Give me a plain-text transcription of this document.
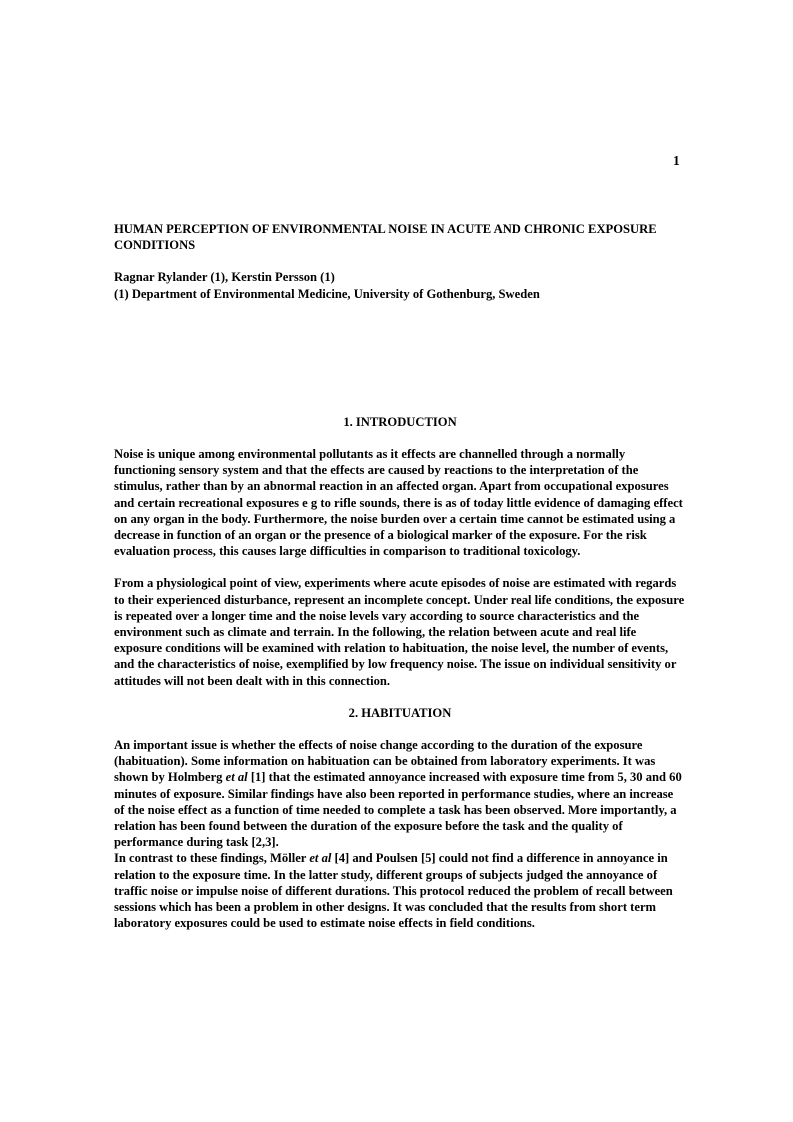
1
HUMAN PERCEPTION OF ENVIRONMENTAL NOISE IN ACUTE AND CHRONIC EXPOSURE CONDITIONS
Ragnar Rylander (1), Kerstin Persson (1)
(1) Department of Environmental Medicine, University of Gothenburg, Sweden
1. INTRODUCTION

Noise is unique among environmental pollutants as it effects are channelled through a normally functioning sensory system and that the effects are caused by reactions to the interpretation of the stimulus, rather than by an abnormal reaction in an affected organ. Apart from occupational exposures and certain recreational exposures e g to rifle sounds, there is as of today little evidence of damaging effect on any organ in the body. Furthermore, the noise burden over a certain time cannot be estimated using a decrease in function of an organ or the presence of a biological marker of the exposure. For the risk evaluation process, this causes large difficulties in comparison to traditional toxicology.

From a physiological point of view, experiments where acute episodes of noise are estimated with regards to their experienced disturbance, represent an incomplete concept. Under real life conditions, the exposure is repeated over a longer time and the noise levels vary according to source characteristics and the environment such as climate and terrain. In the following, the relation between acute and real life exposure conditions will be examined with relation to habituation, the noise level, the number of events, and the characteristics of noise, exemplified by low frequency noise. The issue on individual sensitivity or attitudes will not been dealt with in this connection.

2. HABITUATION

An important issue is whether the effects of noise change according to the duration of the exposure (habituation). Some information on habituation can be obtained from laboratory experiments. It was shown by Holmberg et al [1] that the estimated annoyance increased with exposure time from 5, 30 and 60 minutes of exposure. Similar findings have also been reported in performance studies, where an increase of the noise effect as a function of time needed to complete a task has been observed. More importantly, a relation has been found between the duration of the exposure before the task and the quality of performance during task [2,3].

In contrast to these findings, Möller et al [4] and Poulsen [5] could not find a difference in annoyance in relation to the exposure time. In the latter study, different groups of subjects judged the annoyance of traffic noise or impulse noise of different durations. This protocol reduced the problem of recall between sessions which has been a problem in other designs. It was concluded that the results from short term laboratory exposures could be used to estimate noise effects in field conditions.
